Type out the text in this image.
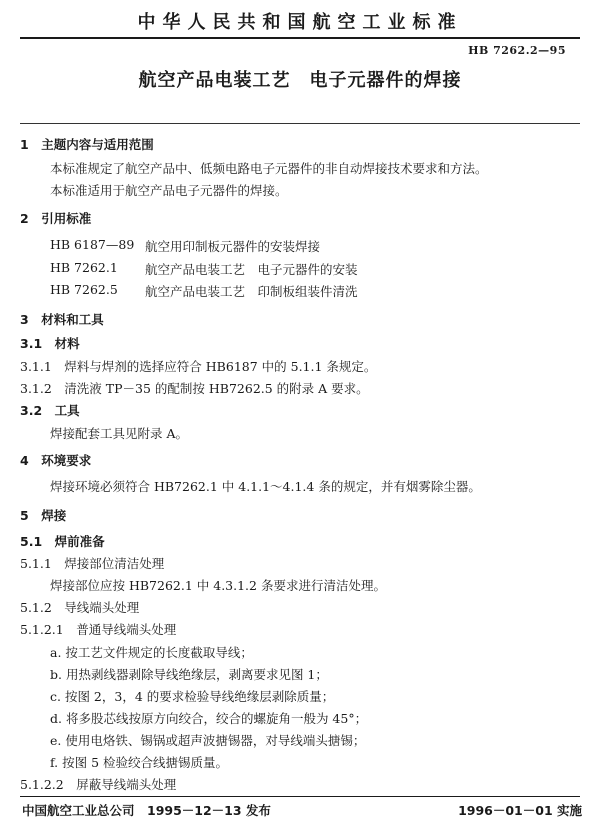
中华人民共和国航空工业标准
HB 7262.2—95
航空产品电装工艺　电子元器件的焊接
1　主题内容与适用范围
本标准规定了航空产品中、低频电路电子元器件的非自动焊接技术要求和方法。
本标准适用于航空产品电子元器件的焊接。
2　引用标准
HB 6187—89 航空用印制板元器件的安装焊接
HB 7262.1 航空产品电装工艺　电子元器件的安装
HB 7262.5 航空产品电装工艺　印制板组装件清洗
3　材料和工具
3.1　材料
3.1.1　焊料与焊剂的选择应符合 HB6187 中的 5.1.1 条规定。
3.1.2　清洗液 TP－35 的配制按 HB7262.5 的附录 A 要求。
3.2　工具
焊接配套工具见附录 A。
4　环境要求
焊接环境必须符合 HB7262.1 中 4.1.1～4.1.4 条的规定，并有烟雾除尘器。
5　焊接
5.1　焊前准备
5.1.1　焊接部位清洁处理
焊接部位应按 HB7262.1 中 4.3.1.2 条要求进行清洁处理。
5.1.2　导线端头处理
5.1.2.1　普通导线端头处理
a. 按工艺文件规定的长度截取导线；
b. 用热剥线器剥除导线绝缘层，剥离要求见图 1；
c. 按图 2，3，4 的要求检验导线绝缘层剥除质量；
d. 将多股芯线按原方向绞合，绞合的螺旋角一般为 45°；
e. 使用电烙铁、锡锅或超声波搪锡器，对导线端头搪锡；
f. 按图 5 检验绞合线搪锡质量。
5.1.2.2　屏蔽导线端头处理
中国航空工业总公司　1995－12－13 发布	1996－01－01 实施
